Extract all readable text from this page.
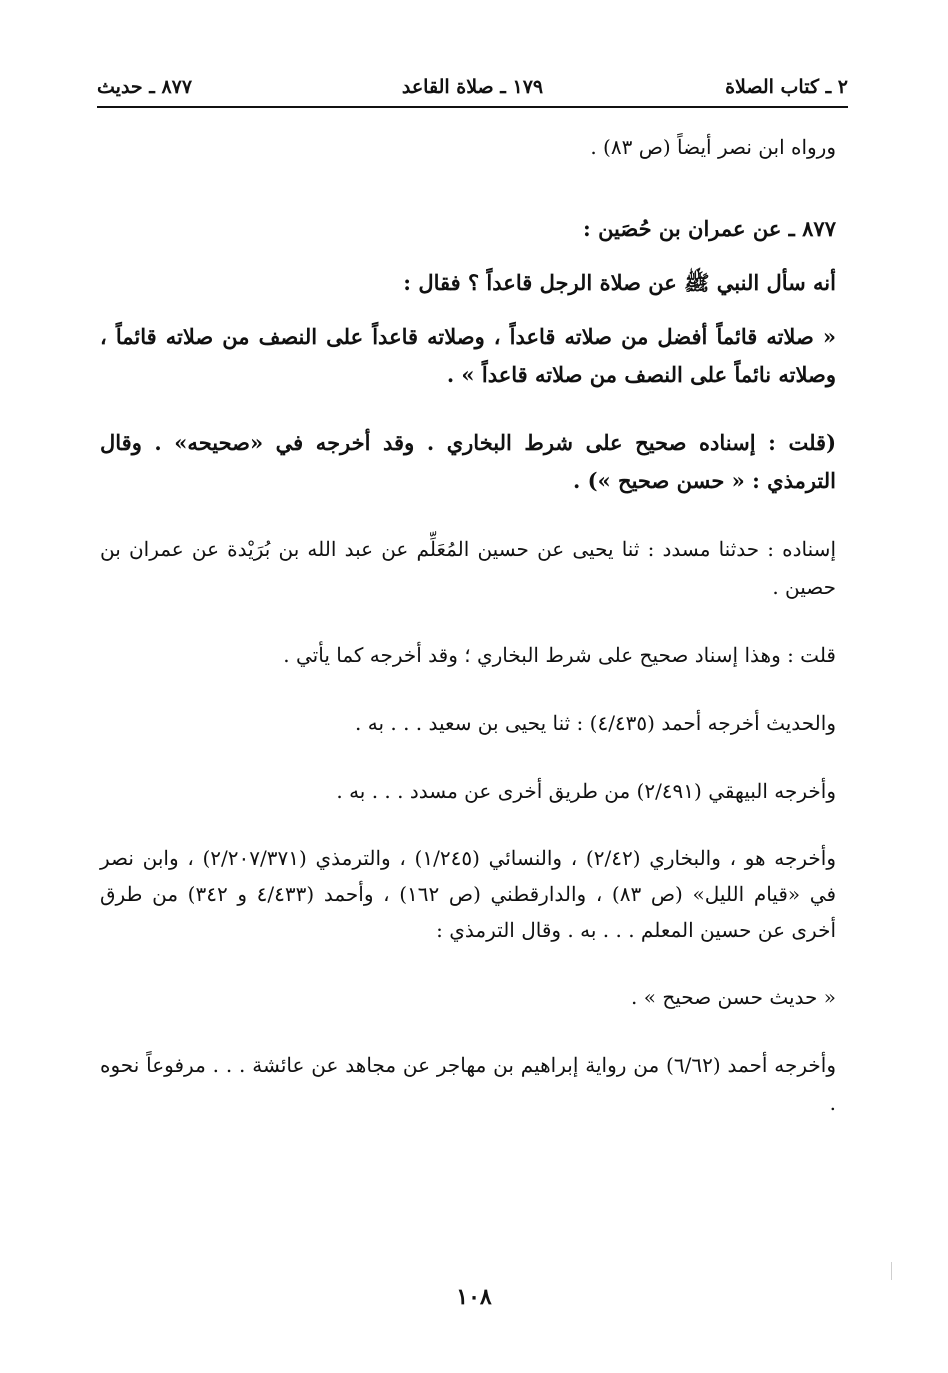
٢ ـ كتاب الصلاة
١٧٩ ـ صلاة القاعد
٨٧٧ ـ حديث

ورواه ابن نصر أيضاً (ص ٨٣) .

٨٧٧ ـ عن عمران بن حُصَين :

أنه سأل النبي ﷺ عن صلاة الرجل قاعداً ؟ فقال :

« صلاته قائماً أفضل من صلاته قاعداً ، وصلاته قاعداً على النصف من صلاته قائماً ، وصلاته نائماً على النصف من صلاته قاعداً » .

(قلت : إسناده صحيح على شرط البخاري . وقد أخرجه في «صحيحه» . وقال الترمذي : « حسن صحيح ») .

إسناده : حدثنا مسدد : ثنا يحيى عن حسين المُعَلِّم عن عبد الله بن بُرَيْدة عن عمران بن حصين .

قلت : وهذا إسناد صحيح على شرط البخاري ؛ وقد أخرجه كما يأتي .

والحديث أخرجه أحمد (٤/٤٣٥) : ثنا يحيى بن سعيد . . . به .

وأخرجه البيهقي (٢/٤٩١) من طريق أخرى عن مسدد . . . به .

وأخرجه هو ، والبخاري (٢/٤٢) ، والنسائي (١/٢٤٥) ، والترمذي (٢/٢٠٧/٣٧١) ، وابن نصر في «قيام الليل» (ص ٨٣) ، والدارقطني (ص ١٦٢) ، وأحمد (٤/٤٣٣ و ٣٤٢) من طرق أخرى عن حسين المعلم . . . به . وقال الترمذي :

« حديث حسن صحيح » .

وأخرجه أحمد (٦/٦٢) من رواية إبراهيم بن مهاجر عن مجاهد عن عائشة . . . مرفوعاً نحوه .

١٠٨
